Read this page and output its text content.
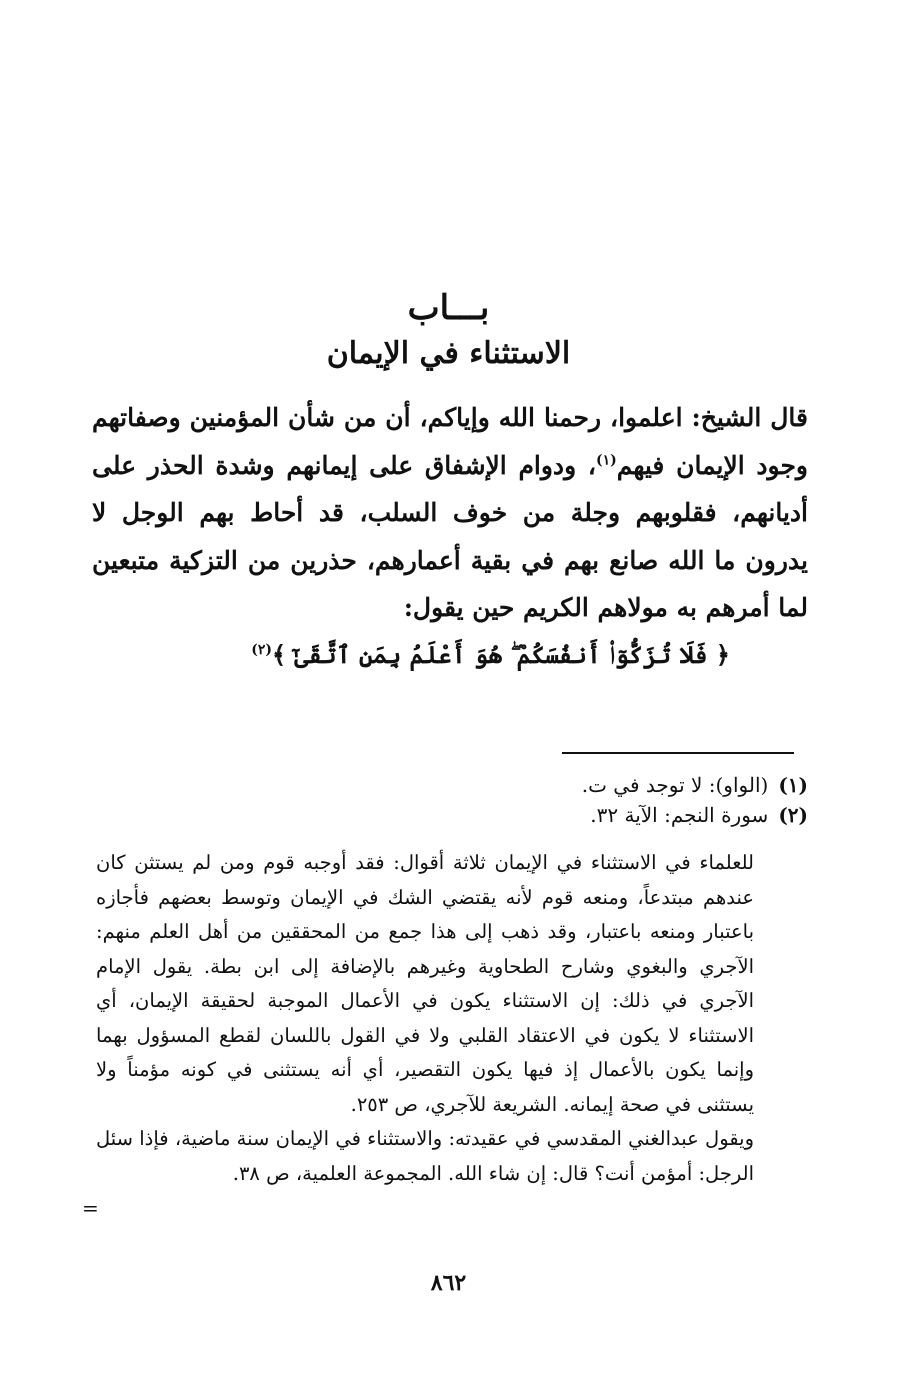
بـــاب
الاستثناء في الإيمان

قال الشيخ: اعلموا، رحمنا الله وإياكم، أن من شأن المؤمنين وصفاتهم وجود الإيمان فيهم$^{(١)}$، ودوام الإشفاق على إيمانهم وشدة الحذر على أديانهم، فقلوبهم وجلة من خوف السلب، قد أحاط بهم الوجل لا يدرون ما الله صانع بهم في بقية أعمارهم، حذرين من التزكية متبعين لما أمرهم به مولاهم الكريم حين يقول:

﴿ فَلَا تُزَكُّوٓا۟ أَنفُسَكُمْ ۖ هُوَ أَعْلَمُ بِمَنِ ٱتَّقَىٰٓ ﴾$^{(٢)}$
(١)(الواو): لا توجد في ت.
(٢)سورة النجم: الآية ٣٢.

للعلماء في الاستثناء في الإيمان ثلاثة أقوال: فقد أوجبه قوم ومن لم يستثن كان عندهم مبتدعاً، ومنعه قوم لأنه يقتضي الشك في الإيمان وتوسط بعضهم فأجازه باعتبار ومنعه باعتبار، وقد ذهب إلى هذا جمع من المحققين من أهل العلم منهم: الآجري والبغوي وشارح الطحاوية وغيرهم بالإضافة إلى ابن بطة. يقول الإمام الآجري في ذلك: إن الاستثناء يكون في الأعمال الموجبة لحقيقة الإيمان، أي الاستثناء لا يكون في الاعتقاد القلبي ولا في القول باللسان لقطع المسؤول بهما وإنما يكون بالأعمال إذ فيها يكون التقصير، أي أنه يستثنى في كونه مؤمناً ولا يستثنى في صحة إيمانه. الشريعة للآجري، ص ٢٥٣.

ويقول عبدالغني المقدسي في عقيدته: والاستثناء في الإيمان سنة ماضية، فإذا سئل الرجل: أمؤمن أنت؟ قال: إن شاء الله. المجموعة العلمية، ص ٣٨.

=
٨٦٢
